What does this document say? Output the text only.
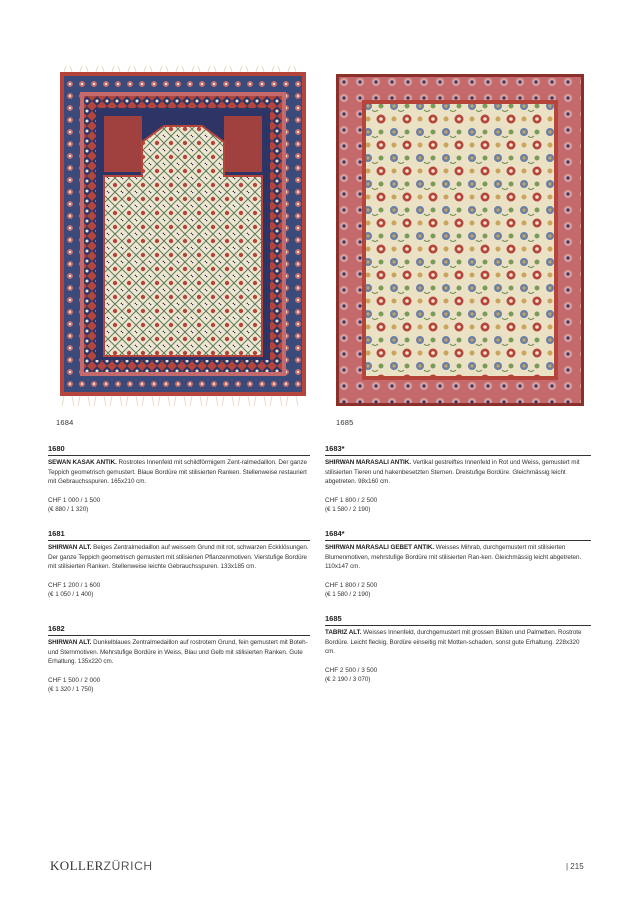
1684	1685
1680

SEWAN KASAK ANTIK. Rostrotes Innenfeld mit schildförmigem Zent-ralmedaillon. Der ganze Teppich geometrisch gemustert. Blaue Bordüre mit stilisierten Ranken. Stellenweise restauriert mit Gebrauchsspuren. 165x210 cm.

CHF 1 000 / 1 500
(€ 880 / 1 320)
1681

SHIRWAN ALT. Beiges Zentralmedaillon auf weissem Grund mit rot, schwarzen Eckklösungen. Der ganze Teppich geometrisch gemustert mit stilisierten Pflanzenmotiven. Vierstufige Bordüre mit stilisierten Ranken. Stellenweise leichte Gebrauchsspuren. 133x185 cm.

CHF 1 200 / 1 600
(€ 1 050 / 1 400)
1682

SHIRWAN ALT. Dunkelblaues Zentralmedaillon auf rostrotem Grund, fein gemustert mit Boteh- und Sternmotiven. Mehrstufige Bordüre in Weiss, Blau und Gelb mit stilisierten Ranken. Gute Erhaltung. 135x220 cm.

CHF 1 500 / 2 000
(€ 1 320 / 1 750)
1683*

SHIRWAN MARASALI ANTIK. Vertikal gestreiftes Innenfeld in Rot und Weiss, gemustert mit stilisierten Tieren und hakenbesetzten Sternen. Dreistufige Bordüre. Gleichmässig leicht abgetreten. 98x160 cm.

CHF 1 800 / 2 500
(€ 1 580 / 2 190)
1684*

SHIRWAN MARASALI GEBET ANTIK. Weisses Mihrab, durchgemustert mit stilisierten Blumenmotiven, mehrstufige Bordüre mit stilisierten Ran-ken. Gleichmässig leicht abgetreten. 110x147 cm.

CHF 1 800 / 2 500
(€ 1 580 / 2 190)
1685

TABRIZ ALT. Weisses Innenfeld, durchgemustert mit grossen Blüten und Palmetten. Rostrote Bordüre. Leicht fleckig, Bordüre einseitig mit Motten-schaden, sonst gute Erhaltung. 228x320 cm.

CHF 2 500 / 3 500
(€ 2 190 / 3 070)
KOLLERZÜRICH	| 215
